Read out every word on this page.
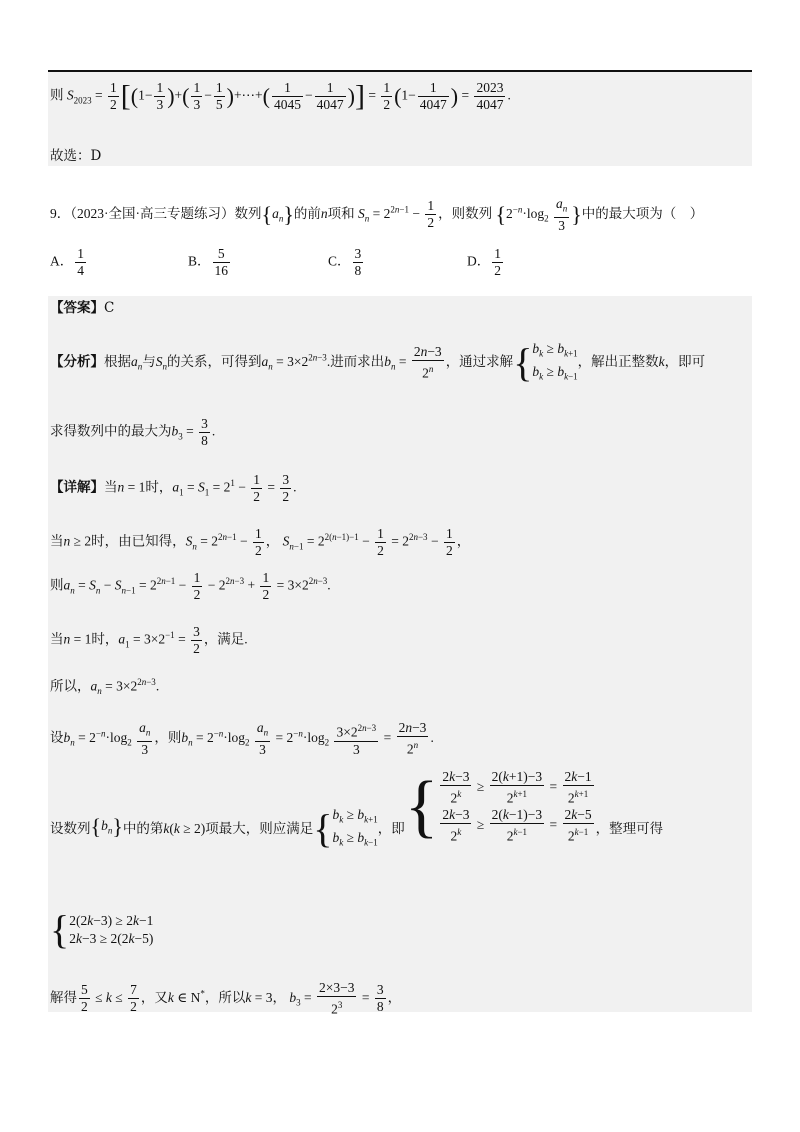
则 $S_{2023} = \frac{1}{2} [(1- \frac{1}{3}$ )+( $\frac{1}{3} - \frac{1}{5}$ )+⋯+( $\frac{1}{4045} - \frac{1}{4047}$ )] = $\frac{1}{2} (1- \frac{1}{4047}$ ) = $\frac{2023}{4047}$ .
故选：D
9．（2023·全国·高三专题练习）数列$\{a_n\}$的前n项和 $S_n = 2^{2n-1} - \frac{1}{2}$ ，则数列 {$2^{-n}\cdot\log_2 \frac{a_n}{3}$ }中的最大项为（　）
A． $\frac{1}{4}$	B． $\frac{5}{16}$	C． $\frac{3}{8}$	D． $\frac{1}{2}$
【答案】C
【分析】根据$a_n$与$S_n$的关系，可得到$a_n = 3\times 2^{2n-3}$.进而求出$b_n = \frac{2n-3}{2^n}$ ，通过求解{$b_k \ge b_{k+1}$
$b_k \ge b_{k-1}$，解出正整数k，即可
求得数列中的最大为$b_3 = \frac{3}{8}$ .
【详解】当n = 1时，$a_1 = S_1 = 2^1 - \frac{1}{2} = \frac{3}{2}$ .
当n ≥ 2时，由已知得，$S_n = 2^{2n-1} - \frac{1}{2}$ ， $S_{n-1} = 2^{2(n-1)-1} - \frac{1}{2} = 2^{2n-3} - \frac{1}{2}$ ，
则$a_n = S_n - S_{n-1} = 2^{2n-1} - \frac{1}{2} - 2^{2n-3} + \frac{1}{2} = 3\times 2^{2n-3}$.
当n = 1时，$a_1 = 3\times 2^{-1} = \frac{3}{2}$ ，满足.
所以，$a_n = 3\times 2^{2n-3}$.
设$b_n = 2^{-n}\cdot\log_2 \frac{a_n}{3}$ ，则$b_n = 2^{-n}\cdot\log_2 \frac{a_n}{3} = 2^{-n}\cdot\log_2 \frac{3\times 2^{2n-3}}{3} = \frac{2n-3}{2^n}$ .
设数列$\{b_n\}$中的第k(k ≥ 2)项最大，则应满足{$b_k \ge b_{k+1}$
$b_k \ge b_{k-1}$，即{ $\frac{2k-3}{2^k} \ge \frac{2(k+1)-3}{2^{k+1}} = \frac{2k-1}{2^{k+1}}$

$\frac{2k-3}{2^k} \ge \frac{2(k-1)-3}{2^{k-1}} = \frac{2k-5}{2^{k-1}}$ ，整理可得
{2(2k−3) ≥ 2k−1
2k−3 ≥ 2(2k−5)
解得 $\frac{5}{2} \le k \le \frac{7}{2}$ ，又k ∈ N*，所以k = 3， $b_3 = \frac{2\times 3-3}{2^3} = \frac{3}{8}$ ，
